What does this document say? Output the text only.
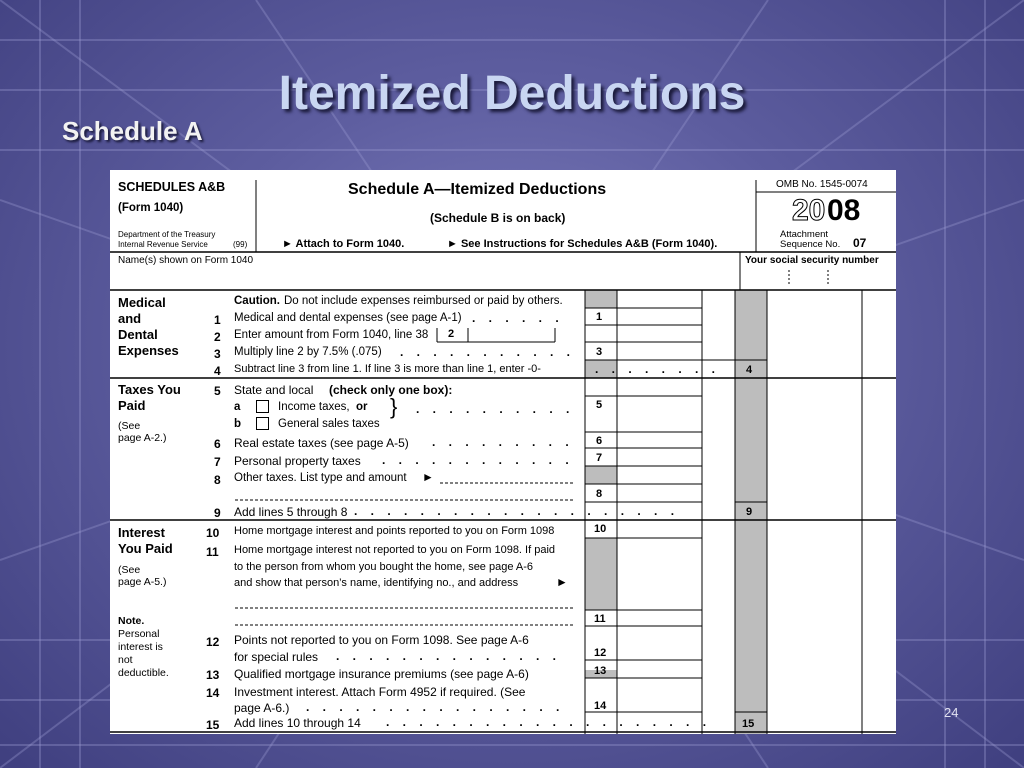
Itemized Deductions
Schedule A
24
SCHEDULES A&B
(Form 1040)
Department of the Treasury
Internal Revenue Service	(99)
Schedule A—Itemized Deductions
(Schedule B is on back)
► Attach to Form 1040.	► See Instructions for Schedules A&B (Form 1040).
OMB No. 1545-0074
20 08
Attachment
Sequence No. 07
Name(s) shown on Form 1040	Your social security number
Medical
and
Dental
Expenses
Caution. Do not include expenses reimbursed or paid by others.
1 Medical and dental expenses (see page A-1) . . . . . .	1
2 Enter amount from Form 1040, line 38 2
3 Multiply line 2 by 7.5% (.075) . . . . . . . . . . . 3
4 Subtract line 3 from line 1. If line 3 is more than line 1, enter -0-	. . . . . . . . 4
Taxes You
Paid
(See
page A-2.)
5 State and local (check only one box):
a	Income taxes, or } . . . . . . . . . . 5
b	General sales taxes
6 Real estate taxes (see page A-5) . . . . . . . . . 6
7 Personal property taxes . . . . . . . . . . . . 7
8 Other taxes. List type and amount ►
8
9 Add lines 5 through 8 . . . . . . . . . . . . . . . . . . . .	9
Interest
You Paid
(See
page A-5.)
Note.
Personal
interest is
not
deductible.
10 Home mortgage interest and points reported to you on Form 1098	10
11 Home mortgage interest not reported to you on Form 1098. If paid
to the person from whom you bought the home, see page A-6
and show that person’s name, identifying no., and address	►
11
12 Points not reported to you on Form 1098. See page A-6
for special rules . . . . . . . . . . . . . .	12
13 Qualified mortgage insurance premiums (see page A-6)	13
14 Investment interest. Attach Form 4952 if required. (See
page A-6.) . . . . . . . . . . . . . . . .	14
15 Add lines 10 through 14 . . . . . . . . . . . . . . . . . . . .	15
